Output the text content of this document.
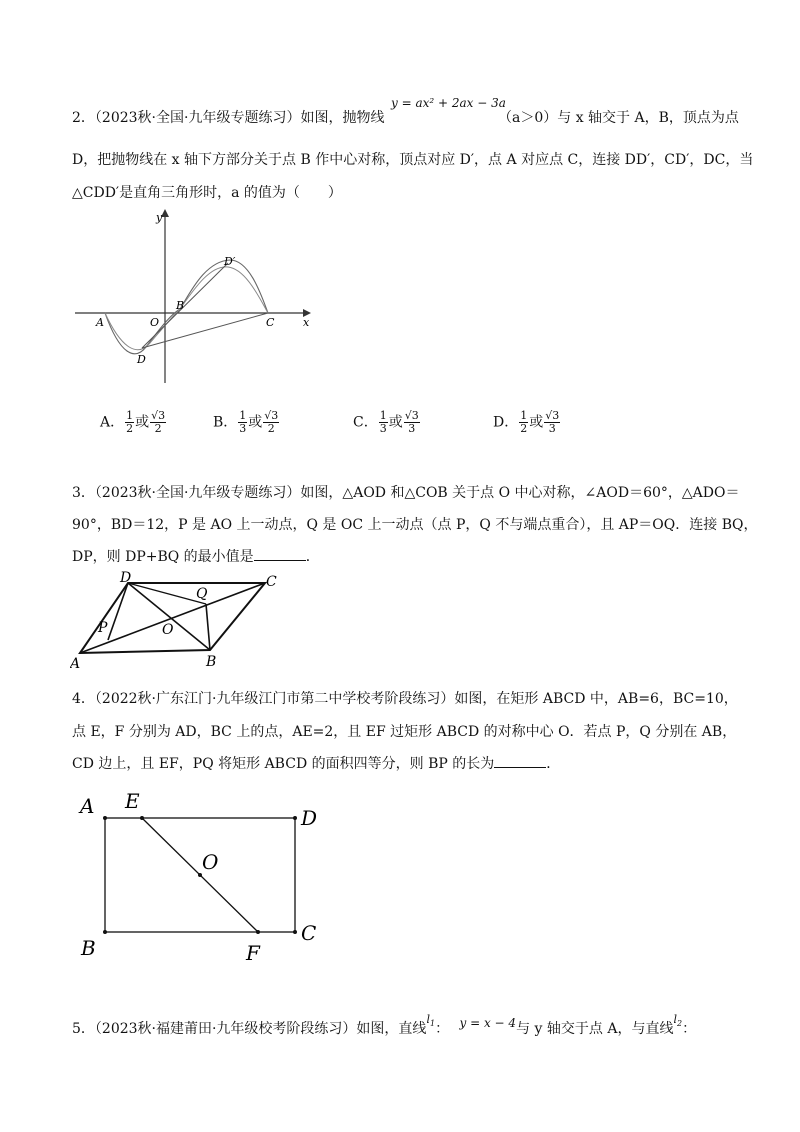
2．（2023秋·全国·九年级专题练习）如图，抛物线
y = ax² + 2ax − 3a
（a＞0）与 x 轴交于 A，B，顶点为点
D，把抛物线在 x 轴下方部分关于点 B 作中心对称，顶点对应 D′，点 A 对应点 C，连接 DD′，CD′，DC，当
△CDD′是直角三角形时，a 的值为（　　）
y
x
A	O
B
C
D
D′
A． $\frac{1}{2}$ 或 $\frac{√3}{2}$	B． $\frac{1}{3}$ 或 $\frac{√3}{2}$	C． $\frac{1}{3}$ 或 $\frac{√3}{3}$	D． $\frac{1}{2}$ 或 $\frac{√3}{3}$
3．（2023秋·全国·九年级专题练习）如图，△AOD 和△COB 关于点 O 中心对称，∠AOD＝60°，△ADO＝
90°，BD＝12，P 是 AO 上一动点，Q 是 OC 上一动点（点 P，Q 不与端点重合），且 AP＝OQ．连接 BQ，
DP，则 DP+BQ 的最小值是	．
A	B
C
D
O
P
Q
4．（2022秋·广东江门·九年级江门市第二中学校考阶段练习）如图，在矩形 ABCD 中，AB=6，BC=10，
点 E，F 分别为 AD，BC 上的点，AE=2，且 EF 过矩形 ABCD 的对称中心 O．若点 P，Q 分别在 AB，
CD 边上，且 EF，PQ 将矩形 ABCD 的面积四等分，则 BP 的长为	．
A E
D
O
B	F
C
5．（2023秋·福建莆田·九年级校考阶段练习）如图，直线$^{l_1}$： y = x − 4与 y 轴交于点 A，与直线$^{l_2}$：
